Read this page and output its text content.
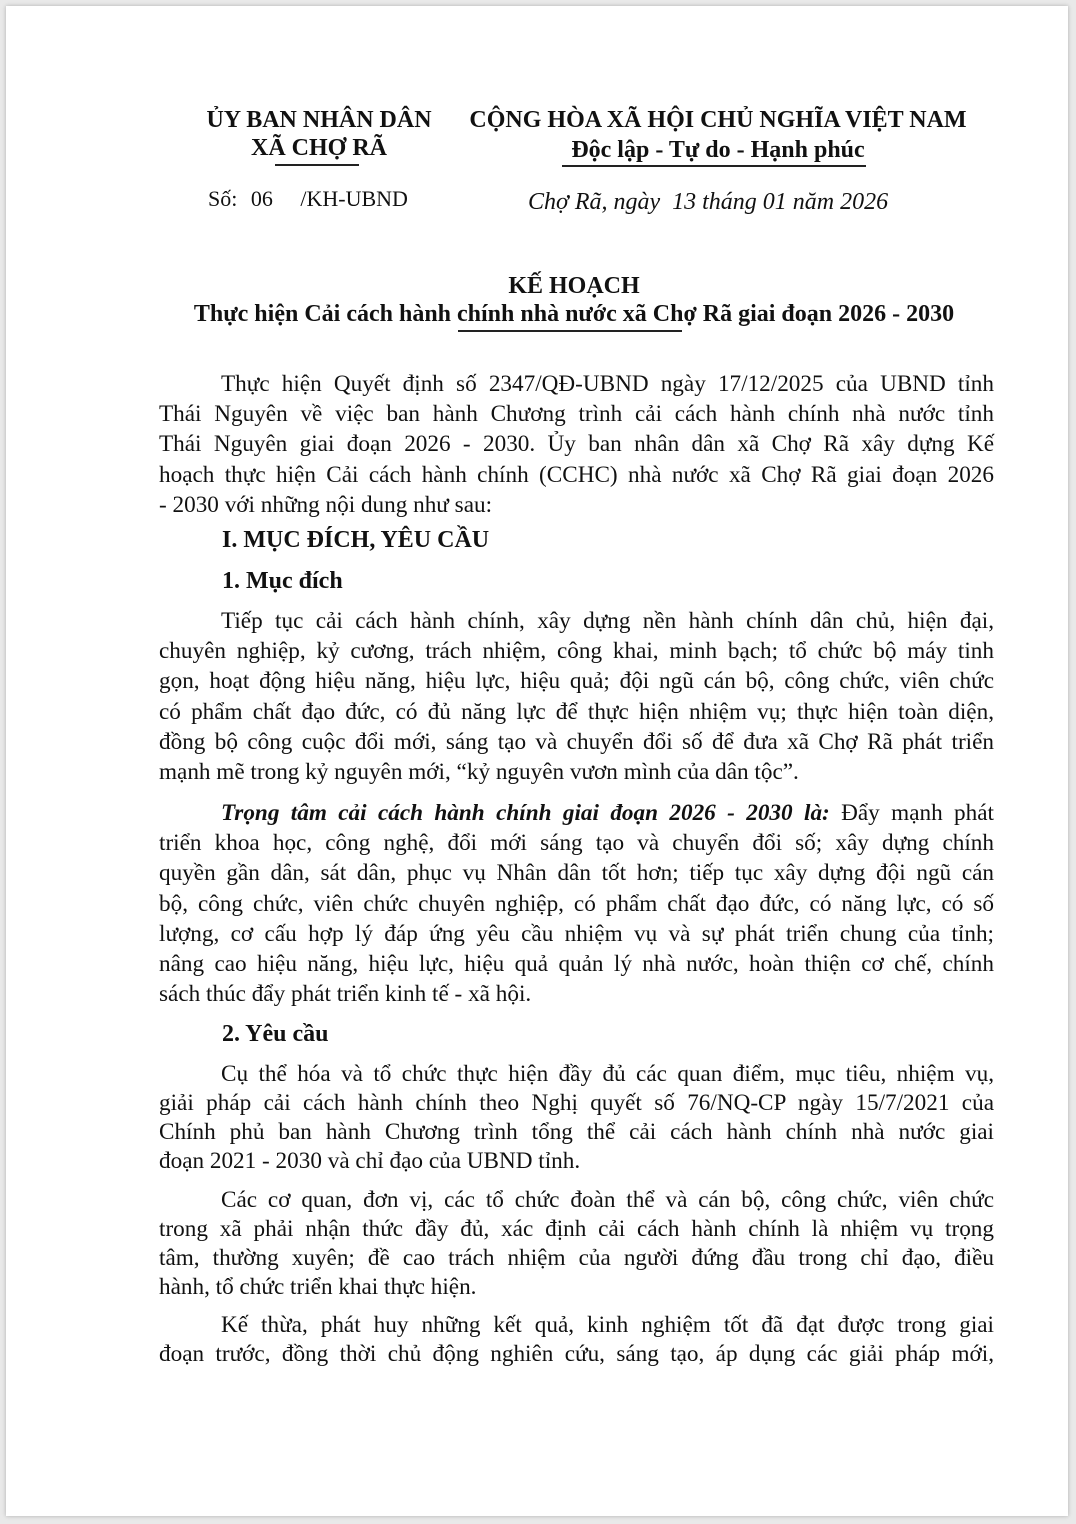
ỦY BAN NHÂN DÂN
XÃ CHỢ RÃ
CỘNG HÒA XÃ HỘI CHỦ NGHĨA VIỆT NAM
Độc lập - Tự do - Hạnh phúc
Số: 06 /KH-UBND	Chợ Rã, ngày  13 tháng 01 năm 2026
KẾ HOẠCH
Thực hiện Cải cách hành chính nhà nước xã Chợ Rã giai đoạn 2026 - 2030
Thực hiện Quyết định số 2347/QĐ-UBND ngày 17/12/2025 của UBND tỉnh
Thái Nguyên về việc ban hành Chương trình cải cách hành chính nhà nước tỉnh
Thái Nguyên giai đoạn 2026 - 2030. Ủy ban nhân dân xã Chợ Rã xây dựng Kế
hoạch thực hiện Cải cách hành chính (CCHC) nhà nước xã Chợ Rã giai đoạn 2026
- 2030 với những nội dung như sau:
I. MỤC ĐÍCH, YÊU CẦU
1. Mục đích
Tiếp tục cải cách hành chính, xây dựng nền hành chính dân chủ, hiện đại,
chuyên nghiệp, kỷ cương, trách nhiệm, công khai, minh bạch; tổ chức bộ máy tinh
gọn, hoạt động hiệu năng, hiệu lực, hiệu quả; đội ngũ cán bộ, công chức, viên chức
có phẩm chất đạo đức, có đủ năng lực để thực hiện nhiệm vụ; thực hiện toàn diện,
đồng bộ công cuộc đổi mới, sáng tạo và chuyển đổi số để đưa xã Chợ Rã phát triển
mạnh mẽ trong kỷ nguyên mới, “kỷ nguyên vươn mình của dân tộc”.
Trọng tâm cải cách hành chính giai đoạn 2026 - 2030 là: Đẩy mạnh phát
triển khoa học, công nghệ, đổi mới sáng tạo và chuyển đổi số; xây dựng chính
quyền gần dân, sát dân, phục vụ Nhân dân tốt hơn; tiếp tục xây dựng đội ngũ cán
bộ, công chức, viên chức chuyên nghiệp, có phẩm chất đạo đức, có năng lực, có số
lượng, cơ cấu hợp lý đáp ứng yêu cầu nhiệm vụ và sự phát triển chung của tỉnh;
nâng cao hiệu năng, hiệu lực, hiệu quả quản lý nhà nước, hoàn thiện cơ chế, chính
sách thúc đẩy phát triển kinh tế - xã hội.
2. Yêu cầu
Cụ thể hóa và tổ chức thực hiện đầy đủ các quan điểm, mục tiêu, nhiệm vụ,
giải pháp cải cách hành chính theo Nghị quyết số 76/NQ-CP ngày 15/7/2021 của
Chính phủ ban hành Chương trình tổng thể cải cách hành chính nhà nước giai
đoạn 2021 - 2030 và chỉ đạo của UBND tỉnh.
Các cơ quan, đơn vị, các tổ chức đoàn thể và cán bộ, công chức, viên chức
trong xã phải nhận thức đầy đủ, xác định cải cách hành chính là nhiệm vụ trọng
tâm, thường xuyên; đề cao trách nhiệm của người đứng đầu trong chỉ đạo, điều
hành, tổ chức triển khai thực hiện.
Kế thừa, phát huy những kết quả, kinh nghiệm tốt đã đạt được trong giai
đoạn trước, đồng thời chủ động nghiên cứu, sáng tạo, áp dụng các giải pháp mới,
